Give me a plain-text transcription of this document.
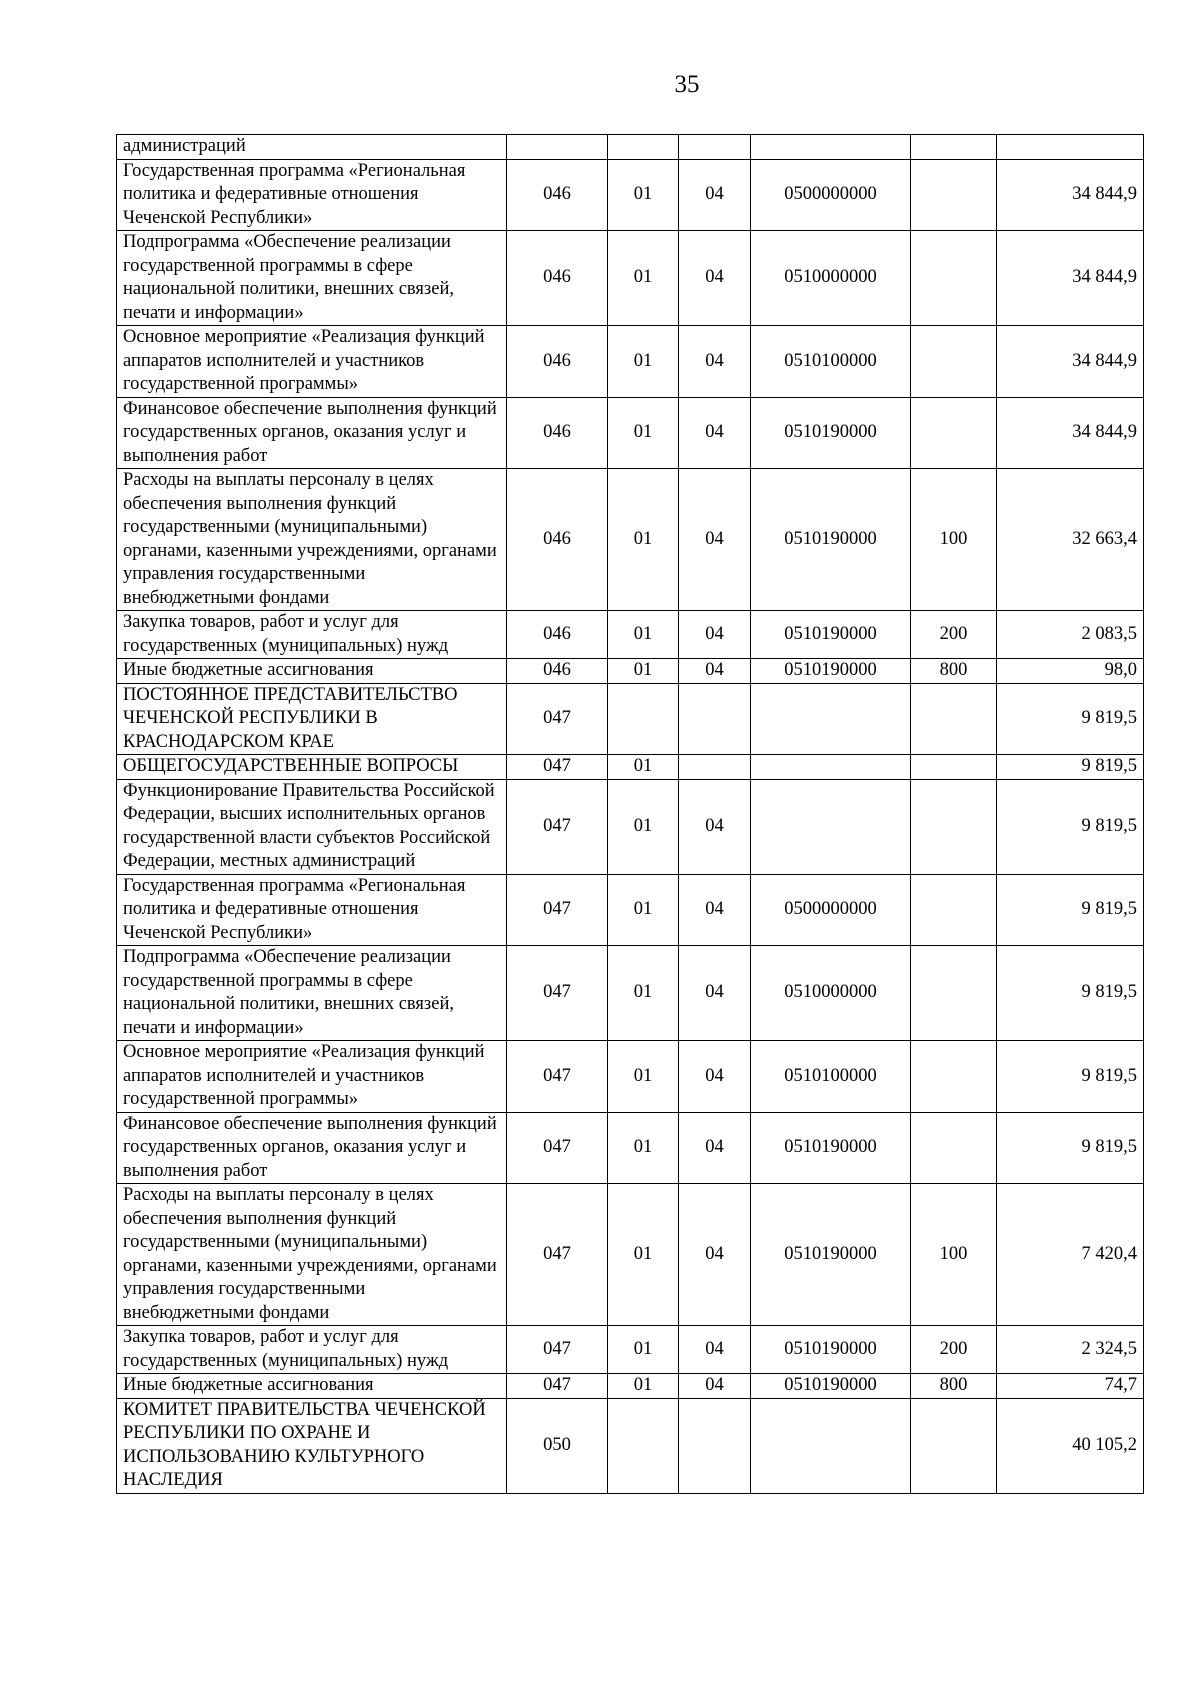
35
администраций						
Государственная программа «Региональная политика и федеративные отношения Чеченской Республики»	046	01	04	0500000000		34 844,9
Подпрограмма «Обеспечение реализации государственной программы в сфере национальной политики, внешних связей, печати и информации»	046	01	04	0510000000		34 844,9
Основное мероприятие «Реализация функций аппаратов исполнителей и участников государственной программы»	046	01	04	0510100000		34 844,9
Финансовое обеспечение выполнения функций государственных органов, оказания услуг и выполнения работ	046	01	04	0510190000		34 844,9
Расходы на выплаты персоналу в целях обеспечения выполнения функций государственными (муниципальными) органами, казенными учреждениями, органами управления государственными внебюджетными фондами	046	01	04	0510190000	100	32 663,4
Закупка товаров, работ и услуг для государственных (муниципальных) нужд	046	01	04	0510190000	200	2 083,5
Иные бюджетные ассигнования	046	01	04	0510190000	800	98,0
ПОСТОЯННОЕ ПРЕДСТАВИТЕЛЬСТВО ЧЕЧЕНСКОЙ РЕСПУБЛИКИ В КРАСНОДАРСКОМ КРАЕ	047					9 819,5
ОБЩЕГОСУДАРСТВЕННЫЕ ВОПРОСЫ	047	01				9 819,5
Функционирование Правительства Российской Федерации, высших исполнительных органов государственной власти субъектов Российской Федерации, местных администраций	047	01	04			9 819,5
Государственная программа «Региональная политика и федеративные отношения Чеченской Республики»	047	01	04	0500000000		9 819,5
Подпрограмма «Обеспечение реализации государственной программы в сфере национальной политики, внешних связей, печати и информации»	047	01	04	0510000000		9 819,5
Основное мероприятие «Реализация функций аппаратов исполнителей и участников государственной программы»	047	01	04	0510100000		9 819,5
Финансовое обеспечение выполнения функций государственных органов, оказания услуг и выполнения работ	047	01	04	0510190000		9 819,5
Расходы на выплаты персоналу в целях обеспечения выполнения функций государственными (муниципальными) органами, казенными учреждениями, органами управления государственными внебюджетными фондами	047	01	04	0510190000	100	7 420,4
Закупка товаров, работ и услуг для государственных (муниципальных) нужд	047	01	04	0510190000	200	2 324,5
Иные бюджетные ассигнования	047	01	04	0510190000	800	74,7
КОМИТЕТ ПРАВИТЕЛЬСТВА ЧЕЧЕНСКОЙ РЕСПУБЛИКИ ПО ОХРАНЕ И ИСПОЛЬЗОВАНИЮ КУЛЬТУРНОГО НАСЛЕДИЯ	050					40 105,2
